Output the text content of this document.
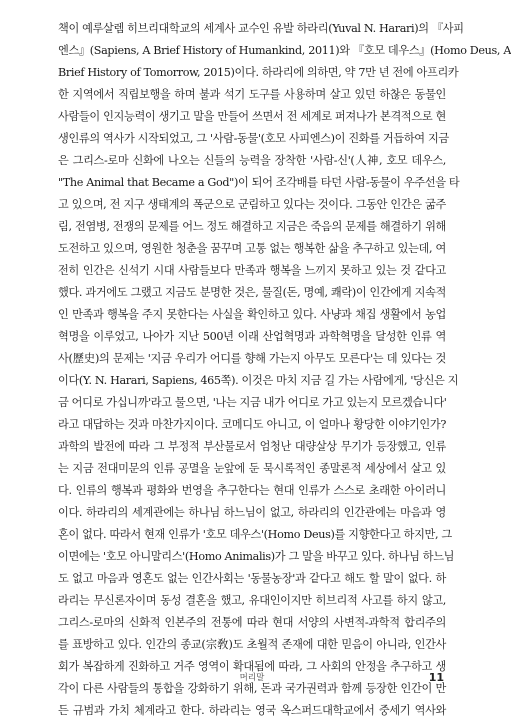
책이 예루살렘 히브리대학교의 세계사 교수인 유발 하라리(Yuval N. Harari)의 『사피
엔스』(Sapiens, A Brief History of Humankind, 2011)와 『호모 데우스』(Homo Deus, A
Brief History of Tomorrow, 2015)이다. 하라리에 의하면, 약 7만 년 전에 아프리카
한 지역에서 직립보행을 하며 불과 석기 도구를 사용하며 살고 있던 하찮은 동물인
사람들이 인지능력이 생기고 말을 만들어 쓰면서 전 세계로 퍼져나가 본격적으로 현
생인류의 역사가 시작되었고, 그 '사람-동물'(호모 사피엔스)이 진화를 거듭하여 지금
은 그리스-로마 신화에 나오는 신들의 능력을 장착한 '사람-신'(人神, 호모 데우스,
"The Animal that Became a God")이 되어 조각배를 타던 사람-동물이 우주선을 타
고 있으며, 전 지구 생태계의 폭군으로 군림하고 있다는 것이다. 그동안 인간은 굶주
림, 전염병, 전쟁의 문제를 어느 정도 해결하고 지금은 죽음의 문제를 해결하기 위해
도전하고 있으며, 영원한 청춘을 꿈꾸며 고통 없는 행복한 삶을 추구하고 있는데, 여
전히 인간은 신석기 시대 사람들보다 만족과 행복을 느끼지 못하고 있는 것 같다고
했다. 과거에도 그랬고 지금도 분명한 것은, 물질(돈, 명예, 쾌락)이 인간에게 지속적
인 만족과 행복을 주지 못한다는 사실을 확인하고 있다. 사냥과 채집 생활에서 농업
혁명을 이루었고, 나아가 지난 500년 이래 산업혁명과 과학혁명을 달성한 인류 역
사(歷史)의 문제는 '지금 우리가 어디를 향해 가는지 아무도 모른다'는 데 있다는 것
이다(Y. N. Harari, Sapiens, 465쪽). 이것은 마치 지금 길 가는 사람에게, '당신은 지
금 어디로 가십니까'라고 물으면, '나는 지금 내가 어디로 가고 있는지 모르겠습니다'
라고 대답하는 것과 마찬가지이다. 코메디도 아니고, 이 얼마나 황당한 이야기인가?
과학의 발전에 따라 그 부정적 부산물로서 엄청난 대량살상 무기가 등장했고, 인류
는 지금 전대미문의 인류 공멸을 눈앞에 둔 묵시록적인 종말론적 세상에서 살고 있
다. 인류의 행복과 평화와 번영을 추구한다는 현대 인류가 스스로 초래한 아이러니
이다. 하라리의 세계관에는 하나님 하느님이 없고, 하라리의 인간관에는 마음과 영
혼이 없다. 따라서 현재 인류가 '호모 데우스'(Homo Deus)를 지향한다고 하지만, 그
이면에는 '호모 아니말리스'(Homo Animalis)가 그 말을 바꾸고 있다. 하나님 하느님
도 없고 마음과 영혼도 없는 인간사회는 '동물농장'과 같다고 해도 할 말이 없다. 하
라리는 무신론자이며 동성 결혼을 했고, 유대인이지만 히브리적 사고를 하지 않고,
그리스-로마의 신화적 인본주의 전통에 따라 현대 서양의 사변적-과학적 합리주의
를 표방하고 있다. 인간의 종교(宗敎)도 초월적 존재에 대한 믿음이 아니라, 인간사
회가 복잡하게 진화하고 거주 영역이 확대됨에 따라, 그 사회의 안정을 추구하고 생
각이 다른 사람들의 통합을 강화하기 위해, 돈과 국가권력과 함께 등장한 인간이 만
든 규범과 가치 체계라고 한다. 하라리는 영국 옥스퍼드대학교에서 중세기 역사와
머리말	11
